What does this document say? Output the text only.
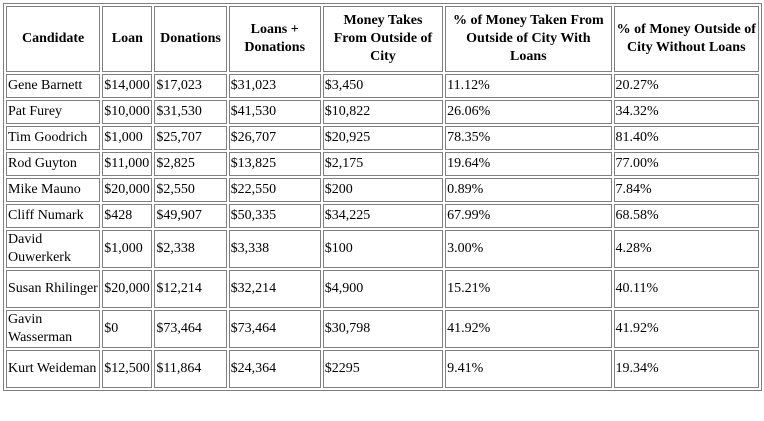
Candidate	Loan	Donations	Loans + Donations	Money Takes From Outside of City	% of Money Taken From Outside of City With Loans	% of Money Outside of City Without Loans
Gene Barnett	$14,000	$17,023	$31,023	$3,450	11.12%	20.27%
Pat Furey	$10,000	$31,530	$41,530	$10,822	26.06%	34.32%
Tim Goodrich	$1,000	$25,707	$26,707	$20,925	78.35%	81.40%
Rod Guyton	$11,000	$2,825	$13,825	$2,175	19.64%	77.00%
Mike Mauno	$20,000	$2,550	$22,550	$200	0.89%	7.84%
Cliff Numark	$428	$49,907	$50,335	$34,225	67.99%	68.58%
David Ouwerkerk	$1,000	$2,338	$3,338	$100	3.00%	4.28%
Susan Rhilinger	$20,000	$12,214	$32,214	$4,900	15.21%	40.11%
Gavin Wasserman	$0	$73,464	$73,464	$30,798	41.92%	41.92%
Kurt Weideman	$12,500	$11,864	$24,364	$2295	9.41%	19.34%
